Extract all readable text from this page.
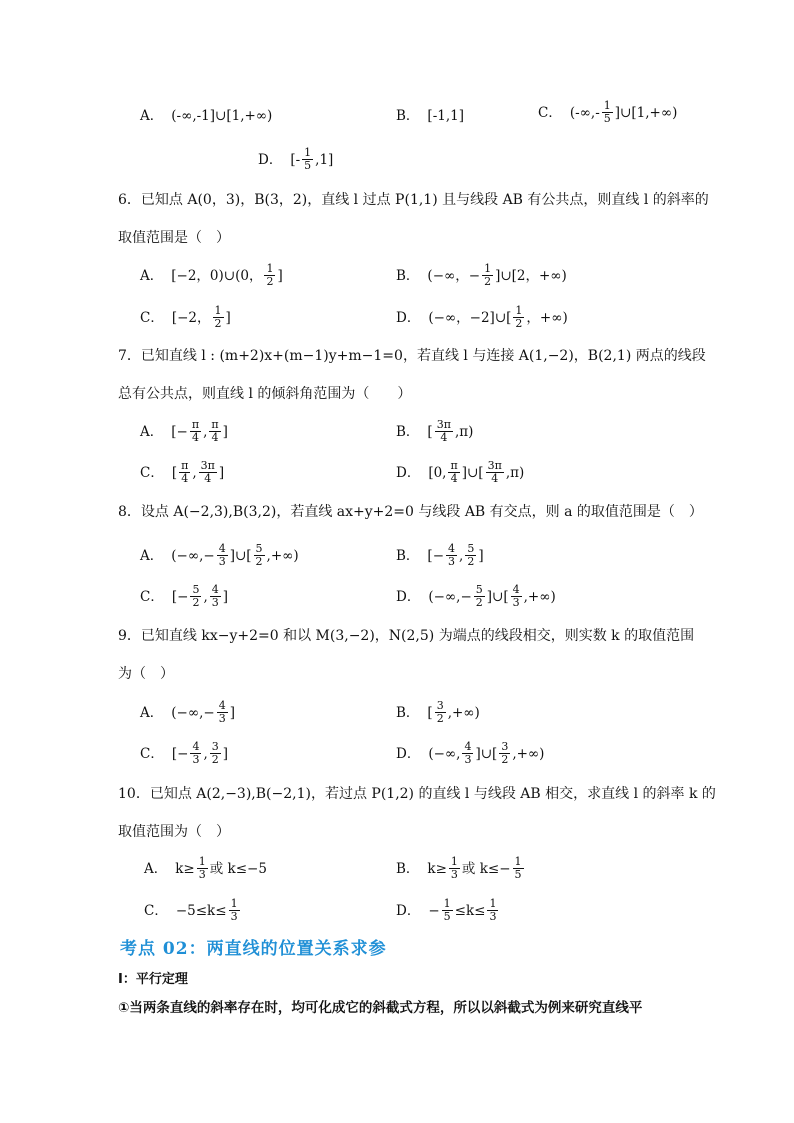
A． (-∞,-1]∪[1,+∞)	B． [-1,1]	C． (-∞,- $\frac{1}{5}$ ]∪[1,+∞)
D． [- $\frac{1}{5} ,1$]
6．已知点 A(0，3)，B(3，2)，直线 l 过点 P(1,1) 且与线段 AB 有公共点，则直线 l 的斜率的
取值范围是（　）
A． [−2，0)∪(0， $\frac{1}{2}$ ]	B． (−∞，− $\frac{1}{2}$ ]∪[2，+∞)
C． [−2， $\frac{1}{2}$ ]	D． (−∞，−2]∪[ $\frac{1}{2}$ ，+∞)
7．已知直线 l : (m+2)x+(m−1)y+m−1=0，若直线 l 与连接 A(1,−2)，B(2,1) 两点的线段
总有公共点，则直线 l 的倾斜角范围为（　　）
A． [− $\frac{\pi}{4}$ , $\frac{\pi}{4}$ ]	B． [ $\frac{3\pi}{4} ,\pi$)
C． [ $\frac{\pi}{4}$ , $\frac{3\pi}{4}$ ]	D． [0, $\frac{\pi}{4}$ ]∪[ $\frac{3\pi}{4} ,\pi$)
8．设点 A(−2,3),B(3,2)，若直线 ax+y+2=0 与线段 AB 有交点，则 a 的取值范围是（　）
A． (−∞,− $\frac{4}{3}$ ]∪[ $\frac{5}{2}$ ,+∞)	B． [− $\frac{4}{3}$ , $\frac{5}{2}$ ]
C． [− $\frac{5}{2}$ , $\frac{4}{3}$ ]	D． (−∞,− $\frac{5}{2}$ ]∪[ $\frac{4}{3}$ ,+∞)
9．已知直线 kx−y+2=0 和以 M(3,−2)，N(2,5) 为端点的线段相交，则实数 k 的取值范围
为（　）
A． (−∞,− $\frac{4}{3}$ ]	B． [ $\frac{3}{2}$ ,+∞)
C． [− $\frac{4}{3}$ , $\frac{3}{2}$ ]	D． (−∞, $\frac{4}{3}$ ]∪[ $\frac{3}{2}$ ,+∞)
10．已知点 A(2,−3),B(−2,1)，若过点 P(1,2) 的直线 l 与线段 AB 相交，求直线 l 的斜率 k 的
取值范围为（　）
A． $k\ge \frac{1}{3}$ 或 k≤−5	B． $k\ge \frac{1}{3}$ 或 $k\le- \frac{1}{5}$
C． $-5\le k\le \frac{1}{3}$	D． − $\frac{1}{5} \le k\le \frac{1}{3}$
考点 02：两直线的位置关系求参
Ⅰ：平行定理
①当两条直线的斜率存在时，均可化成它的斜截式方程，所以以斜截式为例来研究直线平
